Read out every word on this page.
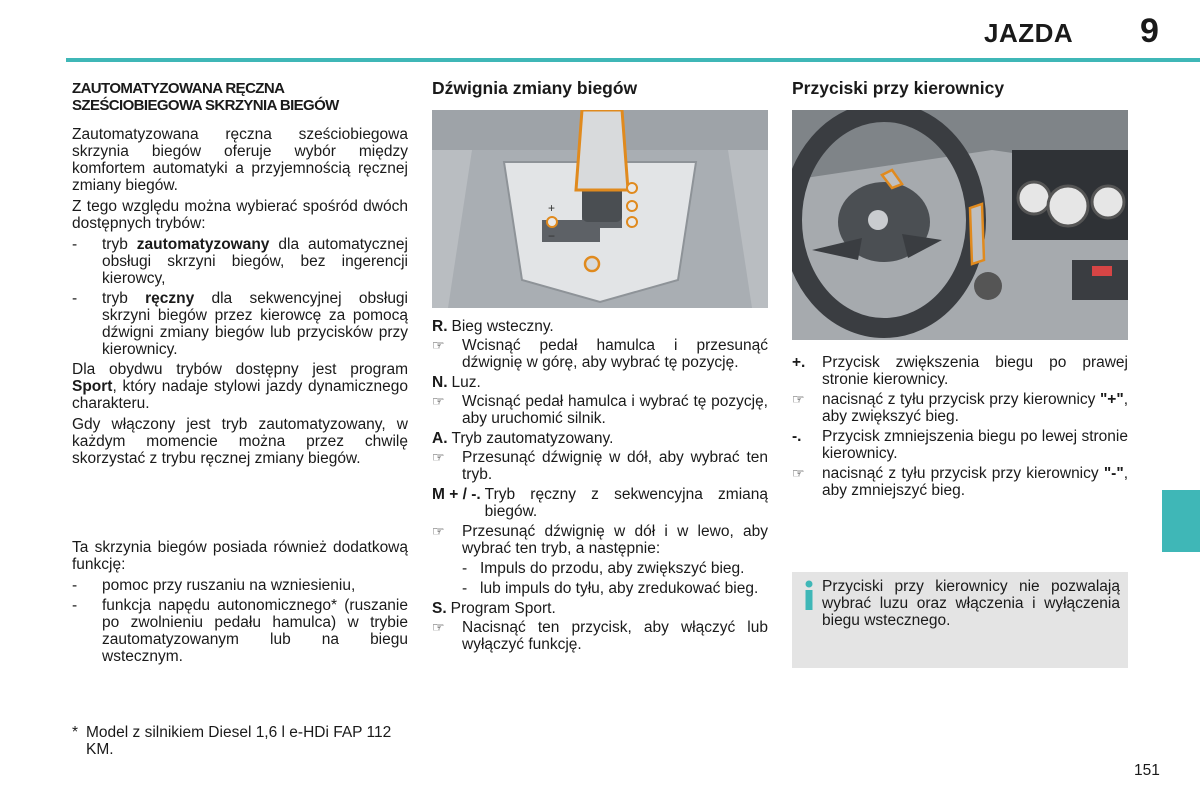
JAZDA 9
ZAUTOMATYZOWANA RĘCZNA
SZEŚCIOBIEGOWA SKRZYNIA BIEGÓW

Zautomatyzowana ręczna sześciobiegowa skrzynia biegów oferuje wybór między komfortem automatyki a przyjemnością ręcznej zmiany biegów.

Z tego względu można wybierać spośród dwóch dostępnych trybów:

-	tryb zautomatyzowany dla automatycznej obsługi skrzyni biegów, bez ingerencji kierowcy,
-	tryb ręczny dla sekwencyjnej obsługi skrzyni biegów przez kierowcę za pomocą dźwigni zmiany biegów lub przycisków przy kierownicy.

Dla obydwu trybów dostępny jest program Sport, który nadaje stylowi jazdy dynamicznego charakteru.

Gdy włączony jest tryb zautomatyzowany, w każdym momencie można przez chwilę skorzystać z trybu ręcznej zmiany biegów.

Ta skrzynia biegów posiada również dodatkową funkcję:

-	pomoc przy ruszaniu na wzniesieniu,
-	funkcja napędu autonomicznego* (ruszanie po zwolnieniu pedału hamulca) w trybie zautomatyzowanym lub na biegu wstecznym.
* Model z silnikiem Diesel 1,6 l e-HDi FAP 112 KM.
Dźwignia zmiany biegów
+
−
R. Bieg wsteczny.
☞	Wcisnąć pedał hamulca i przesunąć dźwignię w górę, aby wybrać tę pozycję.
N. Luz.
☞	Wcisnąć pedał hamulca i wybrać tę pozycję, aby uruchomić silnik.
A. Tryb zautomatyzowany.
☞	Przesunąć dźwignię w dół, aby wybrać ten tryb.
M + / -. Tryb ręczny z sekwencyjna zmianą biegów.
☞	Przesunąć dźwignię w dół i w lewo, aby wybrać ten tryb, a następnie:
- Impuls do przodu, aby zwiększyć bieg.
- lub impuls do tyłu, aby zredukować bieg.
S. Program Sport.
☞	Nacisnąć ten przycisk, aby włączyć lub wyłączyć funkcję.
Przyciski przy kierownicy
+.	Przycisk zwiększenia biegu po prawej stronie kierownicy.
☞	nacisnąć z tyłu przycisk przy kierownicy "+", aby zwiększyć bieg.
-.	Przycisk zmniejszenia biegu po lewej stronie kierownicy.
☞	nacisnąć z tyłu przycisk przy kierownicy "-", aby zmniejszyć bieg.
Przyciski przy kierownicy nie pozwalają wybrać luzu oraz włączenia i wyłączenia biegu wstecznego.
151
